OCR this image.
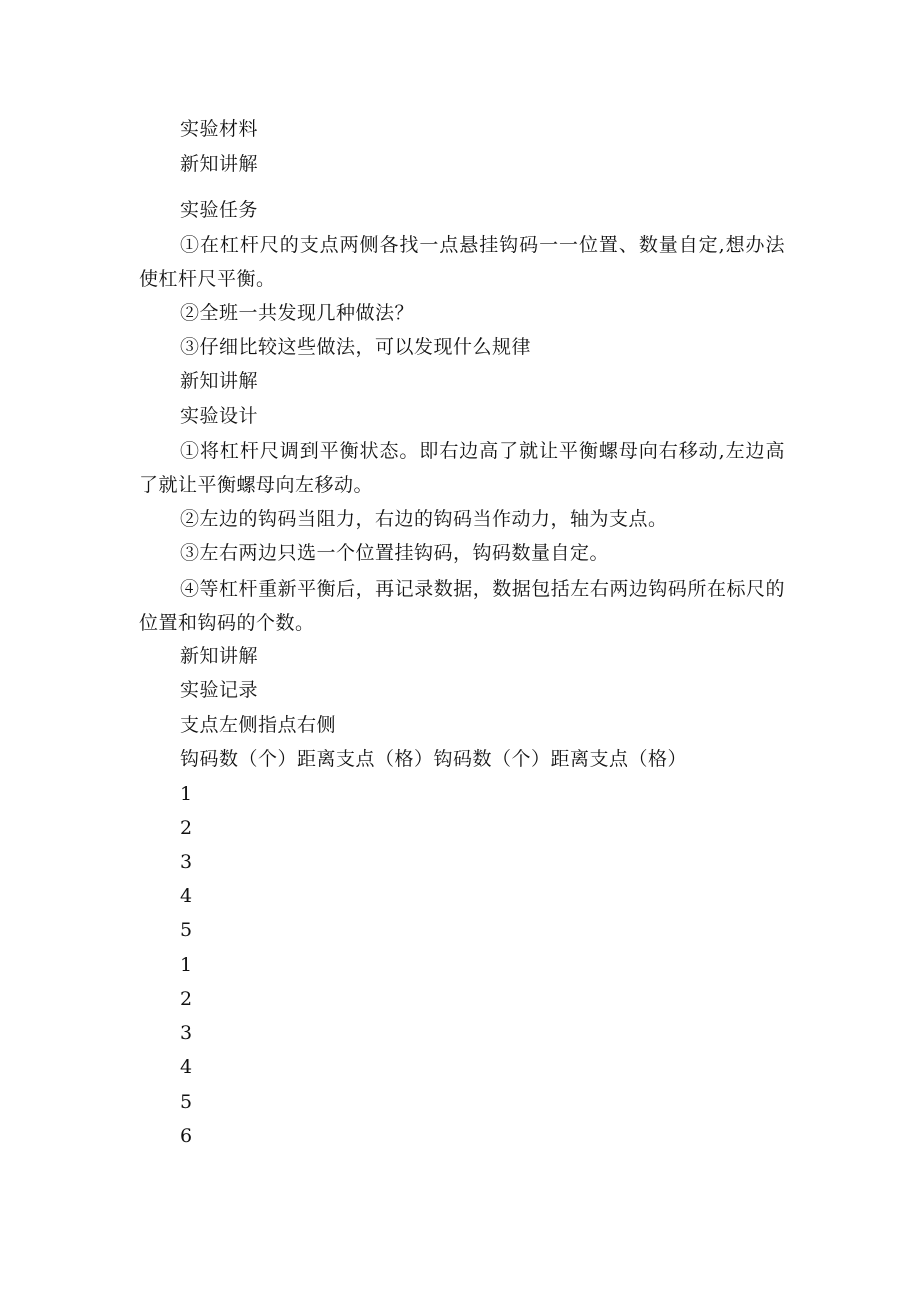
实验材料
新知讲解
实验任务
①在杠杆尺的支点两侧各找一点悬挂钩码一一位置、数量自定,想办法使杠杆尺平衡。
②全班一共发现几种做法？
③仔细比较这些做法，可以发现什么规律
新知讲解
实验设计
①将杠杆尺调到平衡状态。即右边高了就让平衡螺母向右移动,左边高了就让平衡螺母向左移动。
②左边的钩码当阻力，右边的钩码当作动力，轴为支点。
③左右两边只选一个位置挂钩码，钩码数量自定。
④等杠杆重新平衡后，再记录数据，数据包括左右两边钩码所在标尺的位置和钩码的个数。
新知讲解
实验记录
支点左侧指点右侧
钩码数（个）距离支点（格）钩码数（个）距离支点（格）
1
2
3
4
5
1
2
3
4
5
6
